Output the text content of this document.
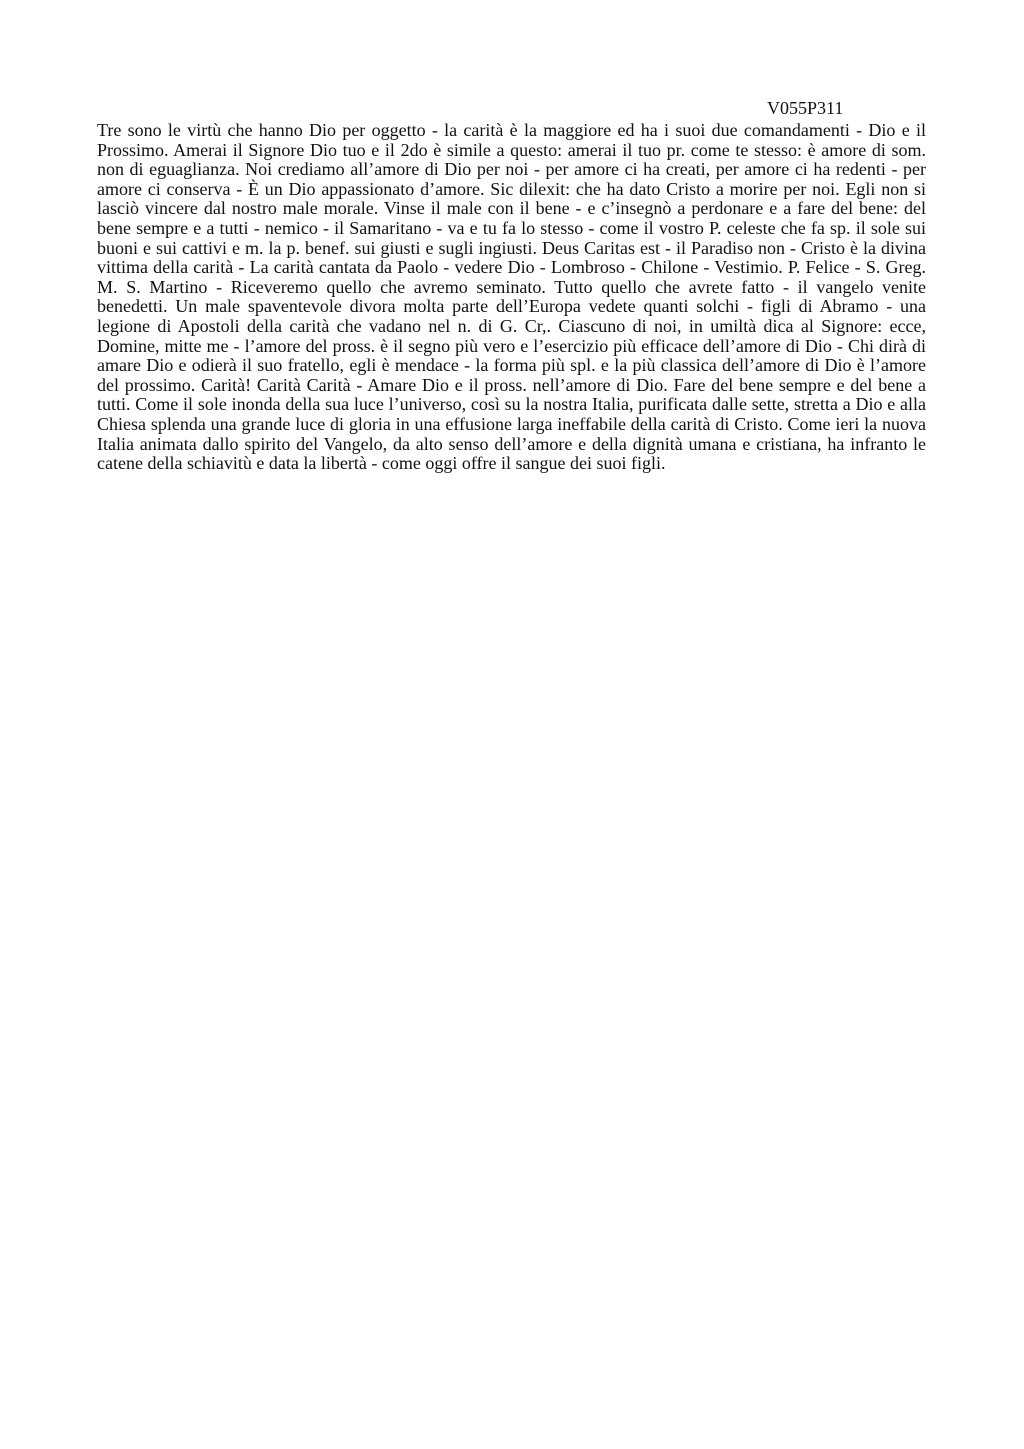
V055P311

Tre sono le virtù che hanno Dio per oggetto - la carità è la maggiore ed ha i suoi due comandamenti - Dio e il Prossimo. Amerai il Signore Dio tuo e il 2do è simile a questo: amerai il tuo pr. come te stesso: è amore di som. non di eguaglianza. Noi crediamo all’amore di Dio per noi - per amore ci ha creati, per amore ci ha redenti - per amore ci conserva - È un Dio appassionato d’amore. Sic dilexit: che ha dato Cristo a morire per noi. Egli non si lasciò vincere dal nostro male morale. Vinse il male con il bene - e c’insegnò a perdonare e a fare del bene: del bene sempre e a tutti - nemico - il Samaritano - va e tu fa lo stesso - come il vostro P. celeste che fa sp. il sole sui buoni e sui cattivi e m. la p. benef. sui giusti e sugli ingiusti. Deus Caritas est - il Paradiso non - Cristo è la divina vittima della carità - La carità cantata da Paolo - vedere Dio - Lombroso - Chilone - Vestimio. P. Felice - S. Greg. M. S. Martino - Riceveremo quello che avremo seminato. Tutto quello che avrete fatto - il vangelo venite benedetti. Un male spaventevole divora molta parte dell’Europa vedete quanti solchi - figli di Abramo - una legione di Apostoli della carità che vadano nel n. di G. Cr,. Ciascuno di noi, in umiltà dica al Signore: ecce, Domine, mitte me - l’amore del pross. è il segno più vero e l’esercizio più efficace dell’amore di Dio - Chi dirà di amare Dio e odierà il suo fratello, egli è mendace - la forma più spl. e la più classica dell’amore di Dio è l’amore del prossimo. Carità! Carità Carità - Amare Dio e il pross. nell’amore di Dio. Fare del bene sempre e del bene a tutti. Come il sole inonda della sua luce l’universo, così su la nostra Italia, purificata dalle sette, stretta a Dio e alla Chiesa splenda una grande luce di gloria in una effusione larga ineffabile della carità di Cristo. Come ieri la nuova Italia animata dallo spirito del Vangelo, da alto senso dell’amore e della dignità umana e cristiana, ha infranto le catene della schiavitù e data la libertà - come oggi offre il sangue dei suoi figli.
